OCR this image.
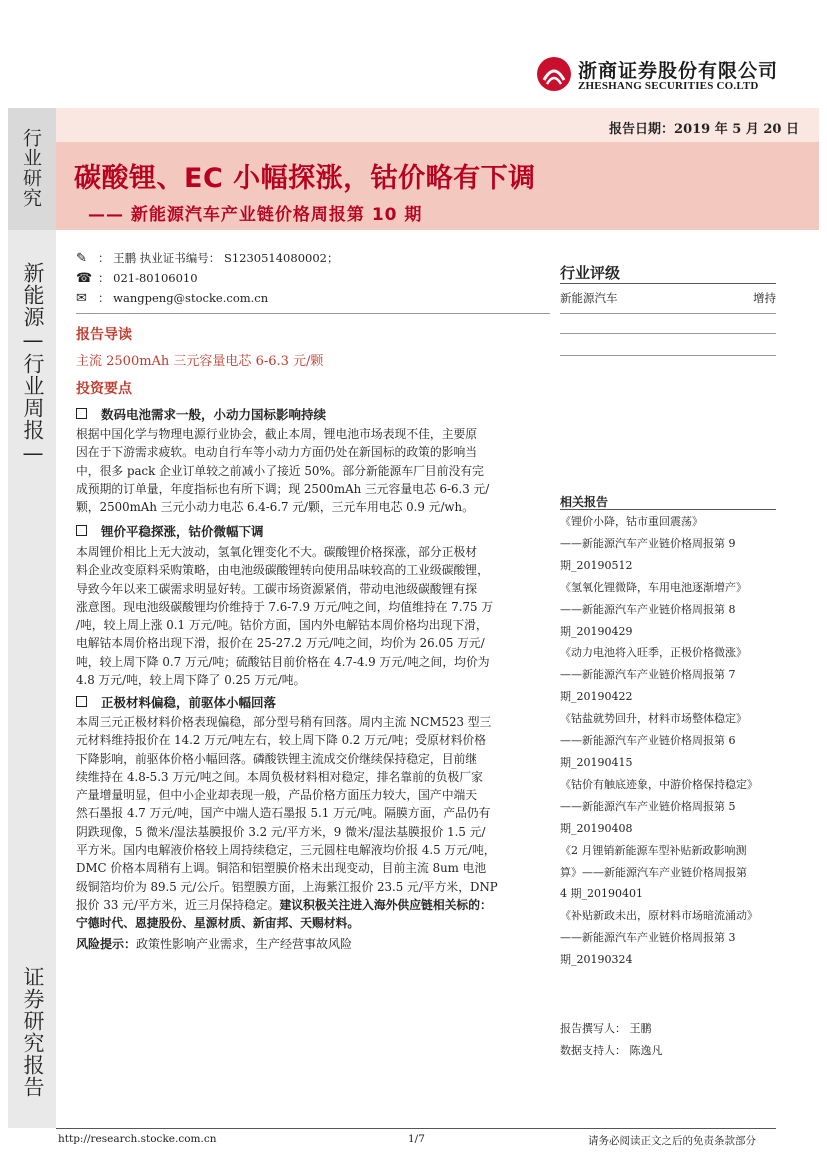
浙商证券股份有限公司
ZHESHANG SECURITIES CO.LTD
行业研究
新能源—行业周报—
证券研究报告
报告日期：2019 年 5 月 20 日
碳酸锂、EC 小幅探涨，钴价略有下调
—— 新能源汽车产业链价格周报第 10 期
✎ ： 王鹏 执业证书编号： S1230514080002；
☎ ： 021-80106010
✉ ： wangpeng@stocke.com.cn
报告导读
主流 2500mAh 三元容量电芯 6-6.3 元/颗
投资要点
数码电池需求一般，小动力国标影响持续
根据中国化学与物理电源行业协会，截止本周，锂电池市场表现不佳，主要原
因在于下游需求疲软。电动自行车等小动力方面仍处在新国标的政策的影响当
中，很多 pack 企业订单较之前减小了接近 50%。部分新能源车厂目前没有完
成预期的订单量，年度指标也有所下调；现 2500mAh 三元容量电芯 6-6.3 元/
颗，2500mAh 三元小动力电芯 6.4-6.7 元/颗，三元车用电芯 0.9 元/wh。
锂价平稳探涨，钴价微幅下调
本周锂价相比上无大波动，氢氧化锂变化不大。碳酸锂价格探涨，部分正极材
料企业改变原料采购策略，由电池级碳酸锂转向使用品味较高的工业级碳酸锂，
导致今年以来工碳需求明显好转。工碳市场资源紧俏，带动电池级碳酸锂有探
涨意图。现电池级碳酸锂均价维持于 7.6-7.9 万元/吨之间，均值维持在 7.75 万
/吨，较上周上涨 0.1 万元/吨。钴价方面，国内外电解钴本周价格均出现下滑，
电解钴本周价格出现下滑，报价在 25-27.2 万元/吨之间，均价为 26.05 万元/
吨，较上周下降 0.7 万元/吨；硫酸钴目前价格在 4.7-4.9 万元/吨之间，均价为
4.8 万元/吨，较上周下降了 0.25 万元/吨。
正极材料偏稳，前驱体小幅回落
本周三元正极材料价格表现偏稳，部分型号稍有回落。周内主流 NCM523 型三
元材料维持报价在 14.2 万元/吨左右，较上周下降 0.2 万元/吨；受原材料价格
下降影响，前驱体价格小幅回落。磷酸铁锂主流成交价继续保持稳定，目前继
续维持在 4.8-5.3 万元/吨之间。本周负极材料相对稳定，排名靠前的负极厂家
产量增量明显，但中小企业却表现一般，产品价格方面压力较大，国产中端天
然石墨报 4.7 万元/吨，国产中端人造石墨报 5.1 万元/吨。隔膜方面，产品仍有
阴跌现像，5 微米/湿法基膜报价 3.2 元/平方米，9 微米/湿法基膜报价 1.5 元/
平方米。国内电解液价格较上周持续稳定，三元圆柱电解液均价报 4.5 万元/吨，
DMC 价格本周稍有上调。铜箔和铝塑膜价格未出现变动，目前主流 8um 电池
级铜箔均价为 89.5 元/公斤。铝塑膜方面，上海紫江报价 23.5 元/平方米，DNP
报价 33 元/平方米，近三月保持稳定。建议积极关注进入海外供应链相关标的：
宁德时代、恩捷股份、星源材质、新宙邦、天赐材料。
风险提示：政策性影响产业需求，生产经营事故风险
行业评级
新能源汽车	增持
相关报告
《锂价小降，钴市重回震荡》
——新能源汽车产业链价格周报第 9
期_20190512
《氢氧化锂微降，车用电池逐渐增产》
——新能源汽车产业链价格周报第 8
期_20190429
《动力电池将入旺季，正极价格微涨》
——新能源汽车产业链价格周报第 7
期_20190422
《钴盐就势回升，材料市场整体稳定》
——新能源汽车产业链价格周报第 6
期_20190415
《钴价有触底迹象，中游价格保持稳定》
——新能源汽车产业链价格周报第 5
期_20190408
《2 月锂销新能源车型补贴新政影响测
算》——新能源汽车产业链价格周报第
4 期_20190401
《补贴新政未出，原材料市场暗流涌动》
——新能源汽车产业链价格周报第 3
期_20190324
报告撰写人： 王鹏
数据支持人： 陈逸凡
http://research.stocke.com.cn	1/7	请务必阅读正文之后的免责条款部分
